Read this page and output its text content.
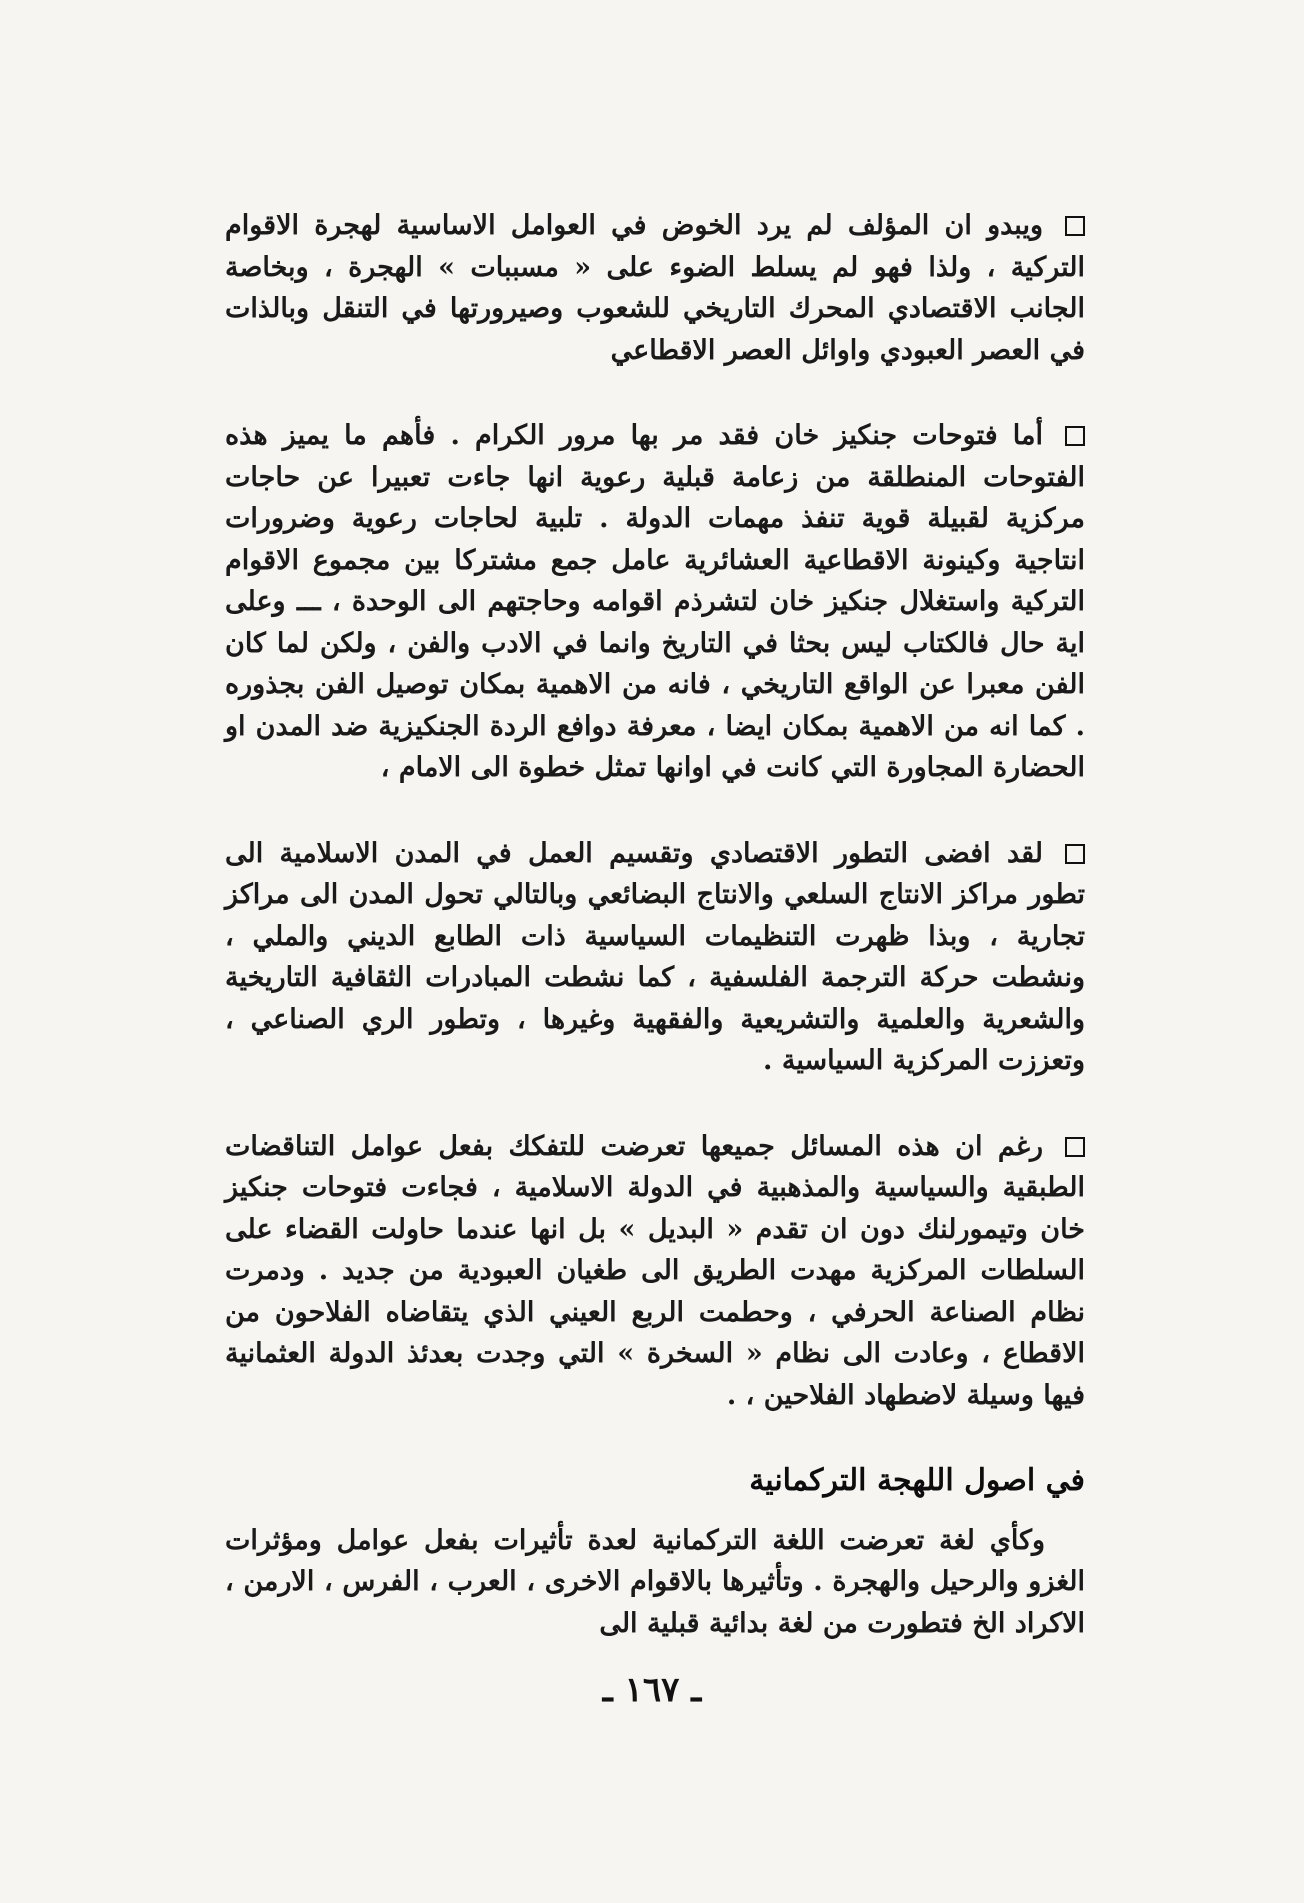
ويبدو ان المؤلف لم يرد الخوض في العوامل الاساسية لهجرة الاقوام التركية ، ولذا فهو لم يسلط الضوء على « مسببات » الهجرة ، وبخاصة الجانب الاقتصادي المحرك التاريخي للشعوب وصيرورتها في التنقل وبالذات في العصر العبودي واوائل العصر الاقطاعي

أما فتوحات جنكيز خان فقد مر بها مرور الكرام . فأهم ما يميز هذه الفتوحات المنطلقة من زعامة قبلية رعوية انها جاءت تعبيرا عن حاجات مركزية لقبيلة قوية تنفذ مهمات الدولة . تلبية لحاجات رعوية وضرورات انتاجية وكينونة الاقطاعية العشائرية عامل جمع مشتركا بين مجموع الاقوام التركية واستغلال جنكيز خان لتشرذم اقوامه وحاجتهم الى الوحدة ، ـــ وعلى اية حال فالكتاب ليس بحثا في التاريخ وانما في الادب والفن ، ولكن لما كان الفن معبرا عن الواقع التاريخي ، فانه من الاهمية بمكان توصيل الفن بجذوره . كما انه من الاهمية بمكان ايضا ، معرفة دوافع الردة الجنكيزية ضد المدن او الحضارة المجاورة التي كانت في اوانها تمثل خطوة الى الامام ،

لقد افضى التطور الاقتصادي وتقسيم العمل في المدن الاسلامية الى تطور مراكز الانتاج السلعي والانتاج البضائعي وبالتالي تحول المدن الى مراكز تجارية ، وبذا ظهرت التنظيمات السياسية ذات الطابع الديني والملي ، ونشطت حركة الترجمة الفلسفية ، كما نشطت المبادرات الثقافية التاريخية والشعرية والعلمية والتشريعية والفقهية وغيرها ، وتطور الري الصناعي ، وتعززت المركزية السياسية .

رغم ان هذه المسائل جميعها تعرضت للتفكك بفعل عوامل التناقضات الطبقية والسياسية والمذهبية في الدولة الاسلامية ، فجاءت فتوحات جنكيز خان وتيمورلنك دون ان تقدم « البديل » بل انها عندما حاولت القضاء على السلطات المركزية مهدت الطريق الى طغيان العبودية من جديد . ودمرت نظام الصناعة الحرفي ، وحطمت الربع العيني الذي يتقاضاه الفلاحون من الاقطاع ، وعادت الى نظام « السخرة » التي وجدت بعدئذ الدولة العثمانية فيها وسيلة لاضطهاد الفلاحين ، .

في اصول اللهجة التركمانية

وكأي لغة تعرضت اللغة التركمانية لعدة تأثيرات بفعل عوامل ومؤثرات الغزو والرحيل والهجرة . وتأثيرها بالاقوام الاخرى ، العرب ، الفرس ، الارمن ، الاكراد الخ فتطورت من لغة بدائية قبلية الى

ـ ١٦٧ ـ
